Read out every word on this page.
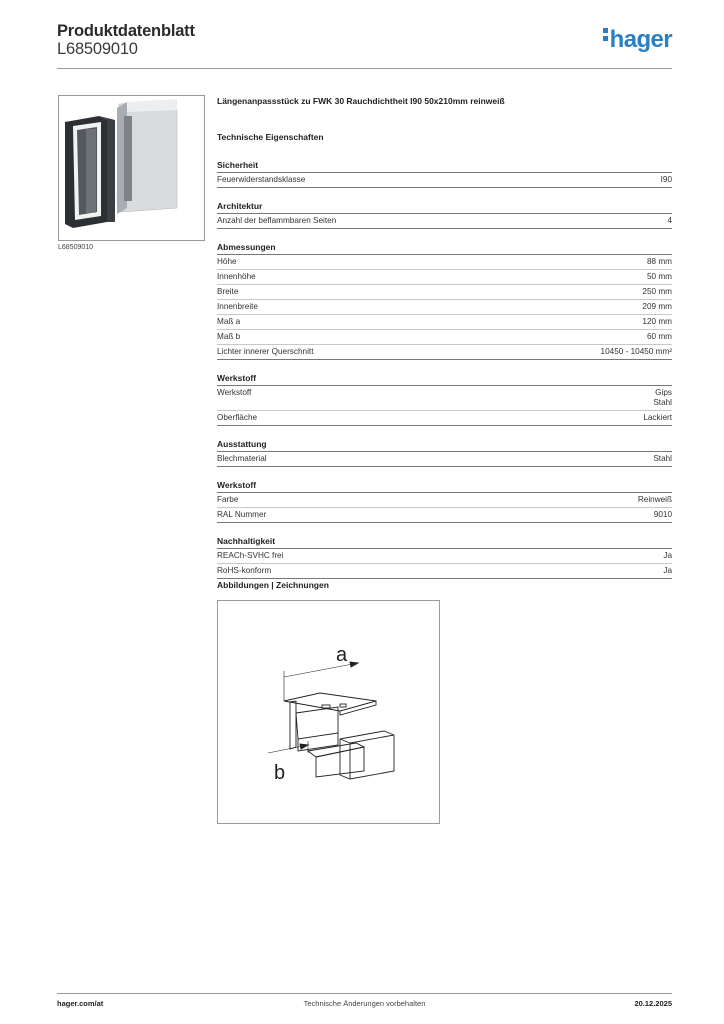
Produktdatenblatt
L68509010	hager
L68509010
Längenanpassstück zu FWK 30 Rauchdichtheit I90 50x210mm reinweiß
Technische Eigenschaften
Sicherheit
Feuerwiderstandsklasse	I90
Architektur
Anzahl der beflammbaren Seiten	4
Abmessungen
Höhe	88 mm
Innenhöhe	50 mm
Breite	250 mm
Innenbreite	209 mm
Maß a	120 mm
Maß b	60 mm
Lichter innerer Querschnitt	10450 - 10450 mm²
Werkstoff
Werkstoff	Gips
Stahl
Oberfläche	Lackiert
Ausstattung
Blechmaterial	Stahl
Werkstoff
Farbe	Reinweiß
RAL Nummer	9010
Nachhaltigkeit
REACh-SVHC frei	Ja
RoHS-konform	Ja
Abbildungen | Zeichnungen
a
b
hager.com/at	Technische Änderungen vorbehalten	20.12.2025
